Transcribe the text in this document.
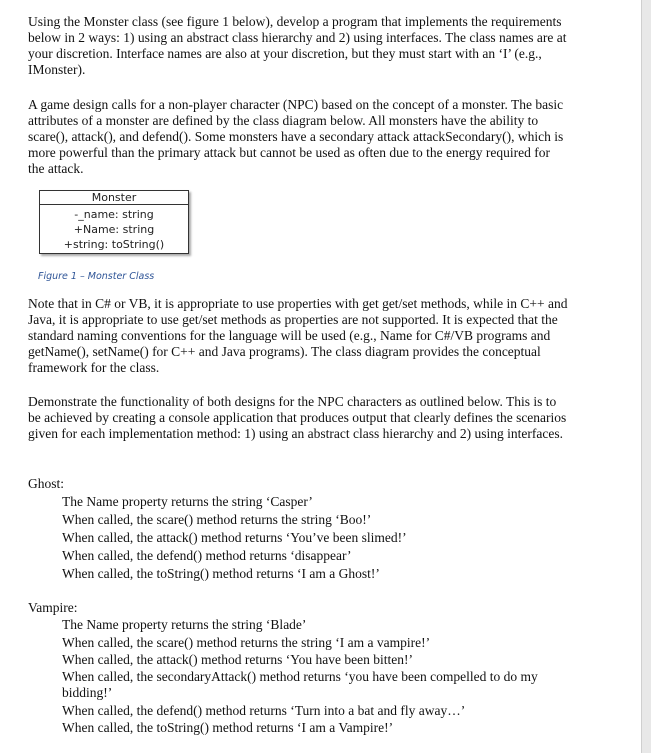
Using the Monster class (see figure 1 below), develop a program that implements the requirements below in 2 ways: 1) using an abstract class hierarchy and 2) using interfaces. The class names are at your discretion. Interface names are also at your discretion, but they must start with an ‘I’ (e.g., IMonster).

A game design calls for a non-player character (NPC) based on the concept of a monster. The basic attributes of a monster are defined by the class diagram below. All monsters have the ability to scare(), attack(), and defend(). Some monsters have a secondary attack attackSecondary(), which is more powerful than the primary attack but cannot be used as often due to the energy required for the attack.

Monster
-_name: string
+Name: string
+string: toString()
Figure 1 – Monster Class

Note that in C# or VB, it is appropriate to use properties with get get/set methods, while in C++ and Java, it is appropriate to use get/set methods as properties are not supported. It is expected that the standard naming conventions for the language will be used (e.g., Name for C#/VB programs and getName(), setName() for C++ and Java programs). The class diagram provides the conceptual framework for the class.

Demonstrate the functionality of both designs for the NPC characters as outlined below. This is to be achieved by creating a console application that produces output that clearly defines the scenarios given for each implementation method: 1) using an abstract class hierarchy and 2) using interfaces.

Ghost:
The Name property returns the string ‘Casper’
When called, the scare() method returns the string ‘Boo!’
When called, the attack() method returns ‘You’ve been slimed!’
When called, the defend() method returns ‘disappear’
When called, the toString() method returns ‘I am a Ghost!’
Vampire:
The Name property returns the string ‘Blade’
When called, the scare() method returns the string ‘I am a vampire!’
When called, the attack() method returns ‘You have been bitten!’
When called, the secondaryAttack() method returns ‘you have been compelled to do my bidding!’
When called, the defend() method returns ‘Turn into a bat and fly away…’
When called, the toString() method returns ‘I am a Vampire!’
